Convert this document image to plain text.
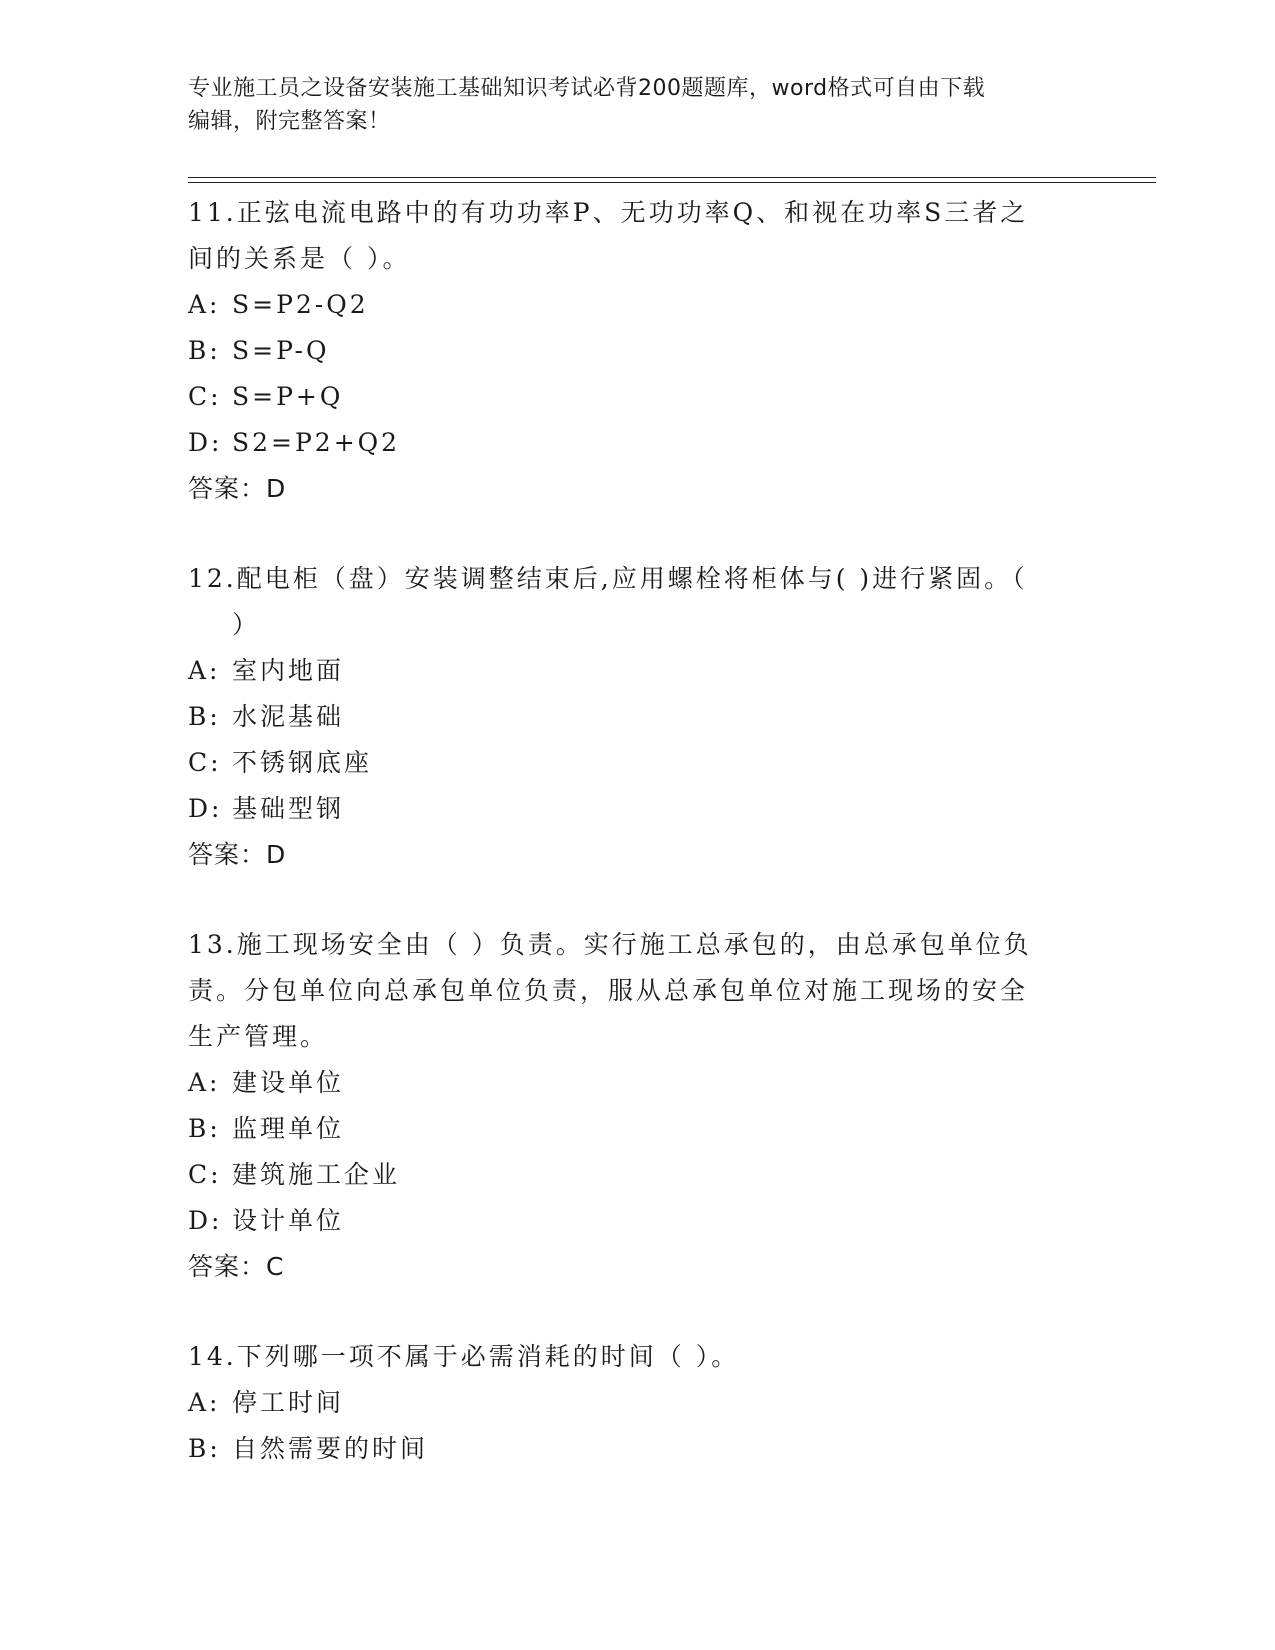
专业施工员之设备安装施工基础知识考试必背200题题库，word格式可自由下载
编辑，附完整答案！
11.正弦电流电路中的有功功率P、无功功率Q、和视在功率S三者之
间的关系是（ ）。
A: S=P2-Q2
B: S=P-Q
C: S=P+Q
D: S2=P2+Q2
答案：D
12.配电柜（盘）安装调整结束后,应用螺栓将柜体与( )进行紧固。（
）
A: 室内地面
B: 水泥基础
C: 不锈钢底座
D: 基础型钢
答案：D
13.施工现场安全由（ ）负责。实行施工总承包的，由总承包单位负
责。分包单位向总承包单位负责，服从总承包单位对施工现场的安全
生产管理。
A: 建设单位
B: 监理单位
C: 建筑施工企业
D: 设计单位
答案：C
14.下列哪一项不属于必需消耗的时间（ ）。
A: 停工时间
B: 自然需要的时间
